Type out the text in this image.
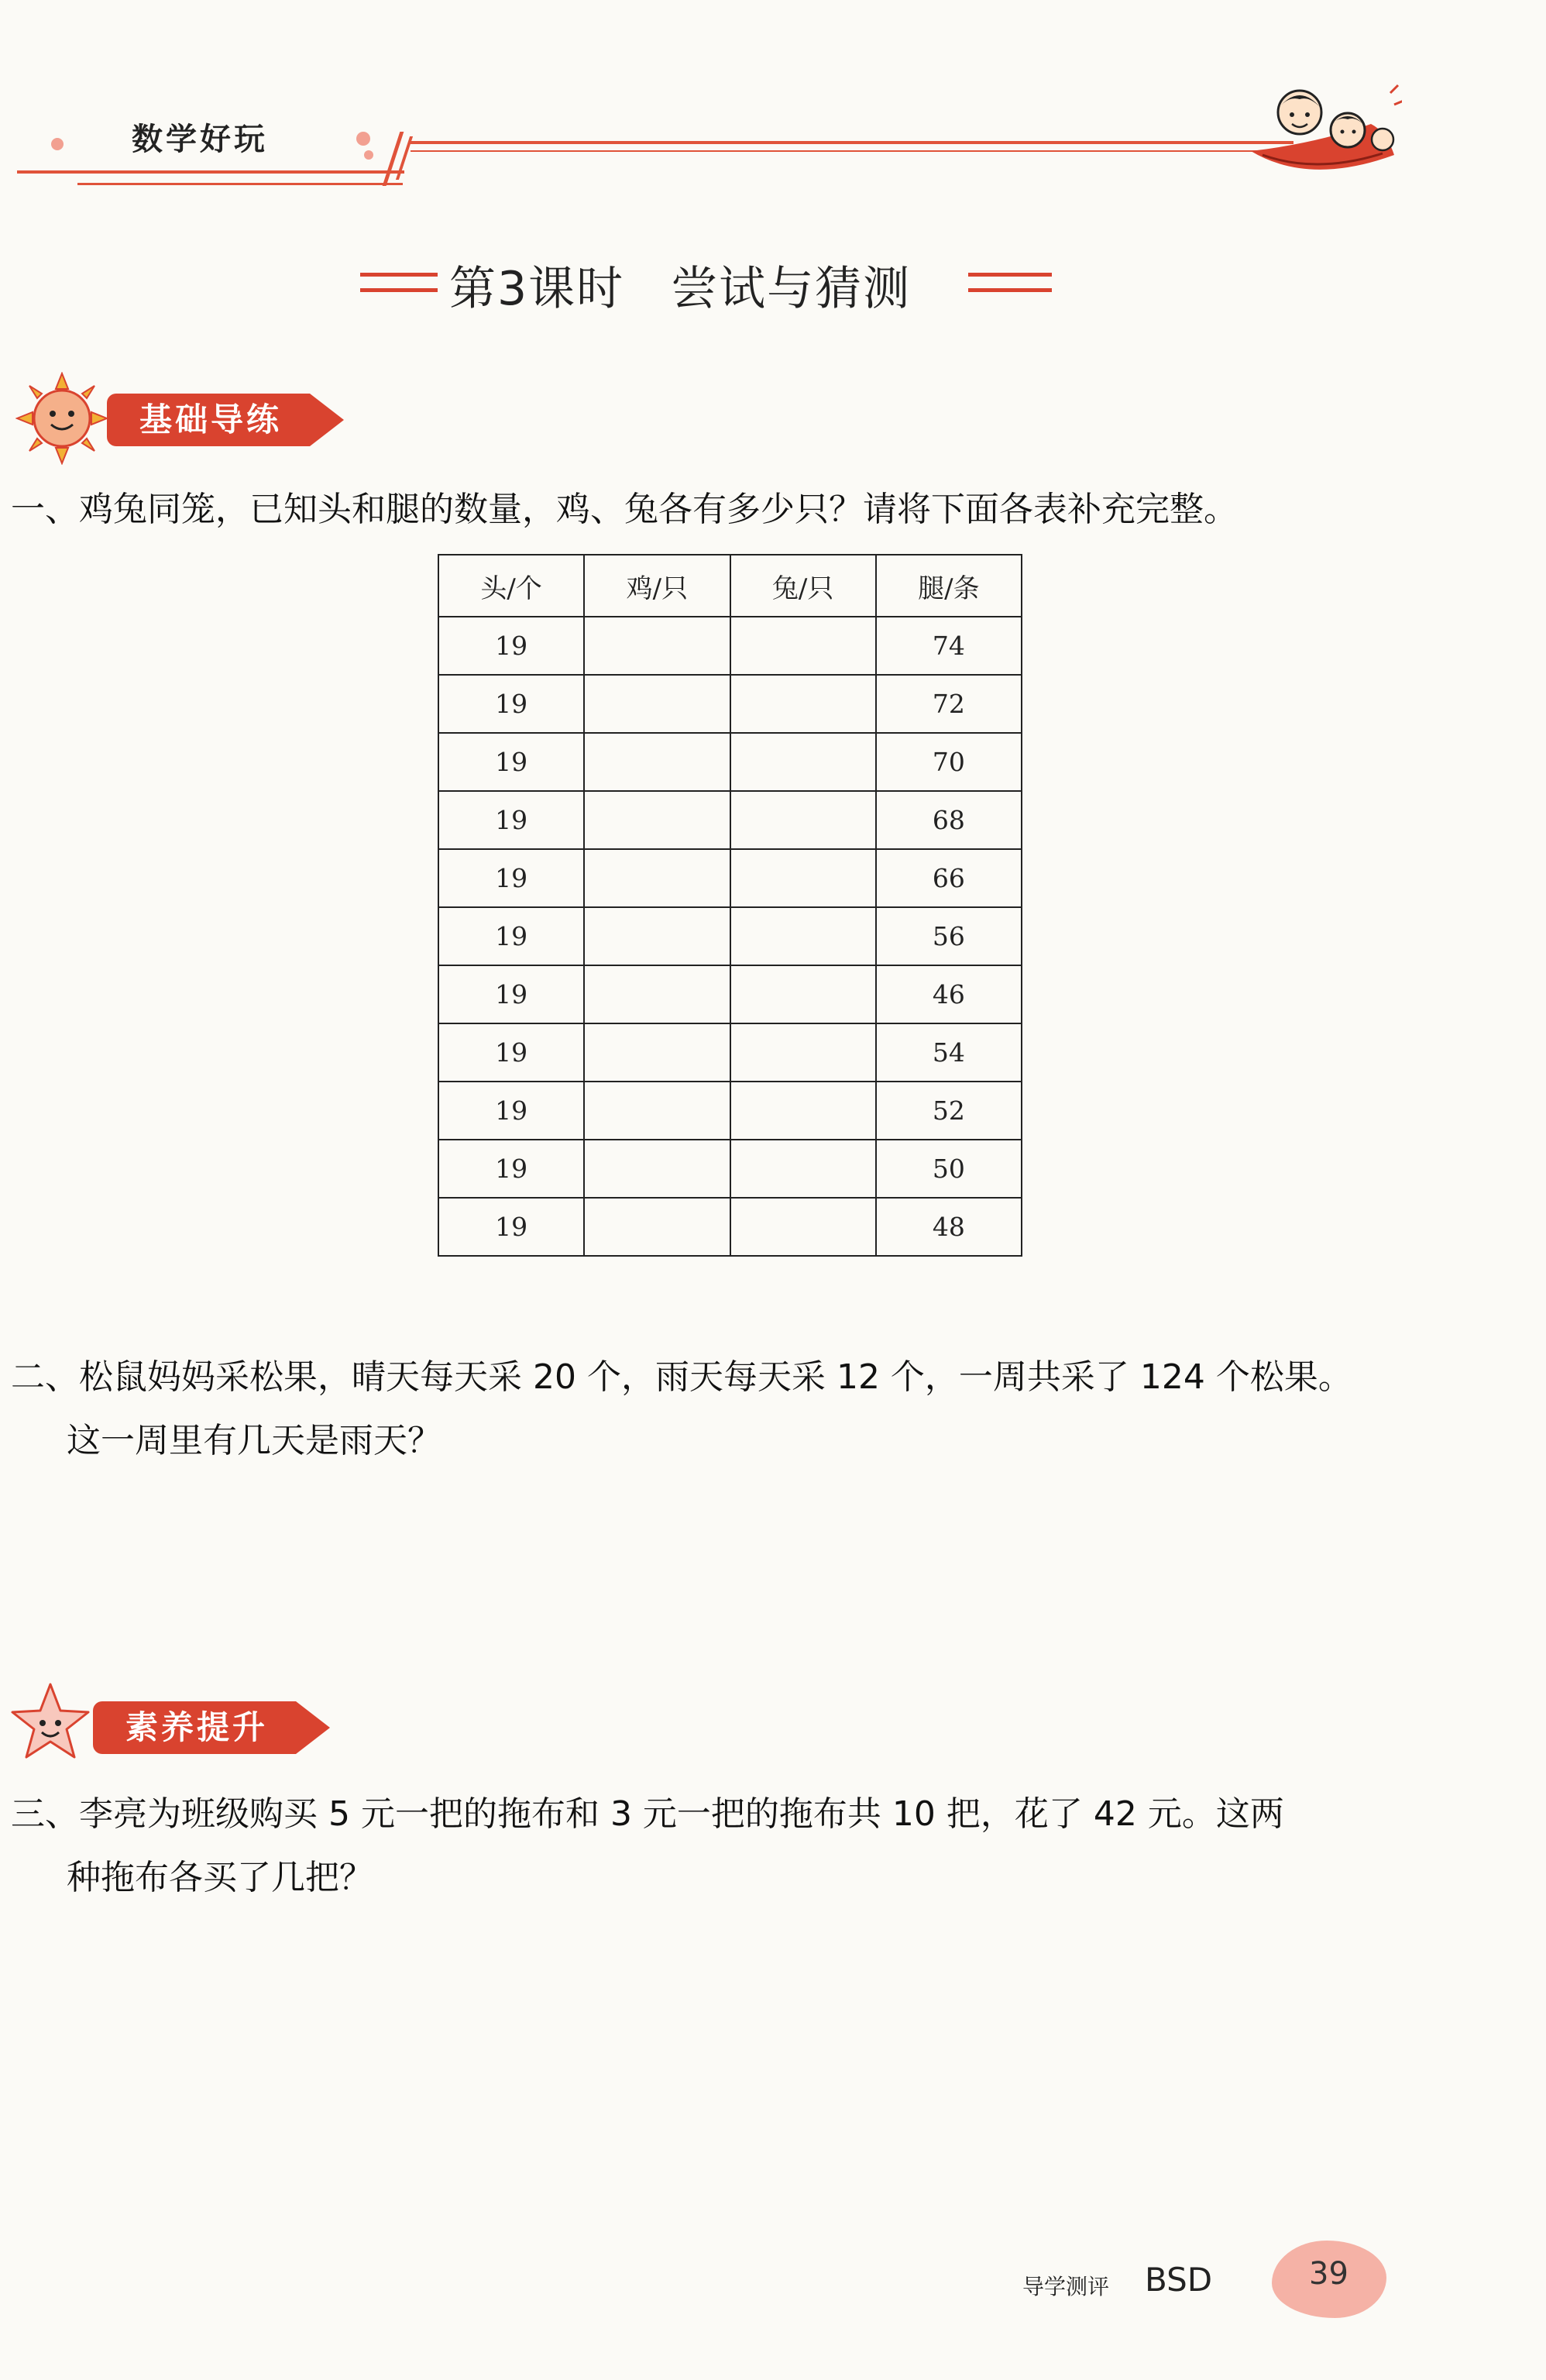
数学好玩
第3课时 尝试与猜测
基础导练
一、鸡兔同笼，已知头和腿的数量，鸡、兔各有多少只？请将下面各表补充完整。
头/个	鸡/只	兔/只	腿/条
19			74
19			72
19			70
19			68
19			66
19			56
19			46
19			54
19			52
19			50
19			48
二、松鼠妈妈采松果，晴天每天采 20 个，雨天每天采 12 个，一周共采了 124 个松果。
这一周里有几天是雨天？
素养提升
三、李亮为班级购买 5 元一把的拖布和 3 元一把的拖布共 10 把，花了 42 元。这两
种拖布各买了几把？
导学测评 BSD	39
